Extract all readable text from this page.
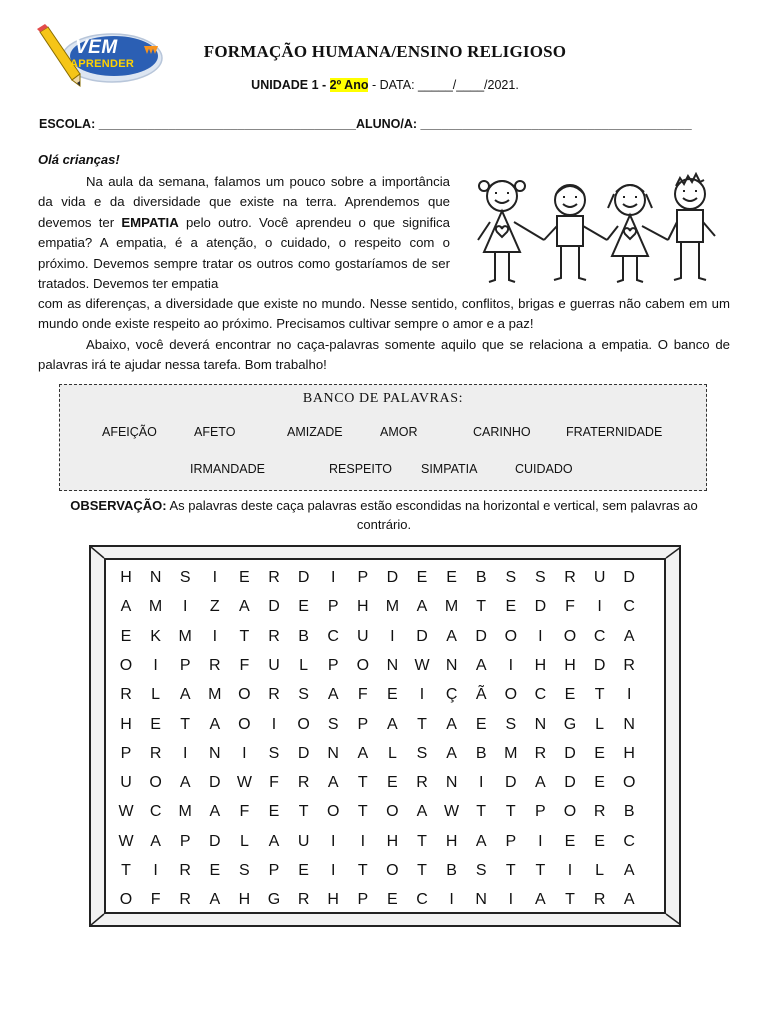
VEM
APRENDER
FORMAÇÃO HUMANA/ENSINO RELIGIOSO
UNIDADE 1 - 2º Ano - DATA: _____/____/2021.
ESCOLA: _____________________________________ALUNO/A: _______________________________________
Olá crianças!
Na aula da semana, falamos um pouco sobre a importância da vida e da diversidade que existe na terra. Aprendemos que devemos ter EMPATIA pelo outro. Você aprendeu o que significa empatia? A empatia, é a atenção, o cuidado, o respeito com o próximo. Devemos sempre tratar os outros como gostaríamos de ser tratados. Devemos ter empatia
com as diferenças, a diversidade que existe no mundo. Nesse sentido, conflitos, brigas e guerras não cabem em um mundo onde existe respeito ao próximo. Precisamos cultivar sempre o amor e a paz!
Abaixo, você deverá encontrar no caça-palavras somente aquilo que se relaciona a empatia. O banco de palavras irá te ajudar nessa tarefa. Bom trabalho!
BANCO DE PALAVRAS:
AFEIÇÃO	AFETO	AMIZADE	AMOR	CARINHO	FRATERNIDADE
IRMANDADE	RESPEITO SIMPATIA	CUIDADO
OBSERVAÇÃO: As palavras deste caça palavras estão escondidas na horizontal e vertical, sem palavras ao contrário.
H	N	S	I	E	R	D	I	P	D	E	E	B	S	S	R	U	D
A	M	I	Z	A	D	E	P	H	M	A	M	T	E	D	F	I	C
E	K	M	I	T	R	B	C	U	I	D	A	D	O	I	O	C	A
O	I	P	R	F	U	L	P	O	N	W	N	A	I	H	H	D	R
R	L	A	M	O	R	S	A	F	E	I	Ç	Ã	O	C	E	T	I
H	E	T	A	O	I	O	S	P	A	T	A	E	S	N	G	L	N
P	R	I	N	I	S	D	N	A	L	S	A	B	M	R	D	E	H
U	O	A	D	W	F	R	A	T	E	R	N	I	D	A	D	E	O
W	C	M	A	F	E	T	O	T	O	A	W	T	T	P	O	R	B
W	A	P	D	L	A	U	I	I	H	T	H	A	P	I	E	E	C
T	I	R	E	S	P	E	I	T	O	T	B	S	T	T	I	L	A
O	F	R	A	H	G	R	H	P	E	C	I	N	I	A	T	R	A
